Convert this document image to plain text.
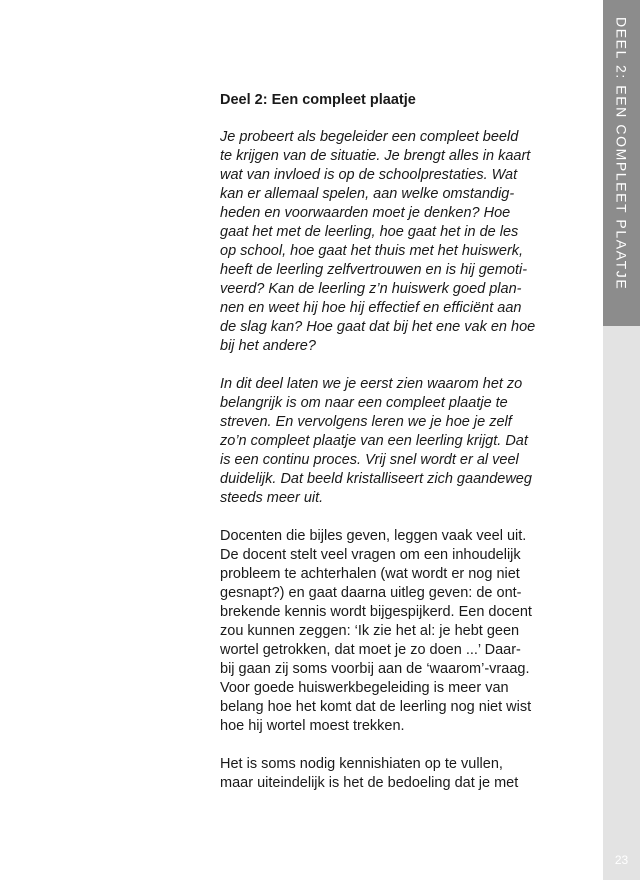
Deel 2: Een compleet plaatje
Je probeert als begeleider een compleet beeld
te krijgen van de situatie. Je brengt alles in kaart
wat van invloed is op de schoolprestaties. Wat
kan er allemaal spelen, aan welke omstandig-
heden en voorwaarden moet je denken? Hoe
gaat het met de leerling, hoe gaat het in de les
op school, hoe gaat het thuis met het huiswerk,
heeft de leerling zelfvertrouwen en is hij gemoti-
veerd? Kan de leerling z’n huiswerk goed plan-
nen en weet hij hoe hij effectief en efficiënt aan
de slag kan? Hoe gaat dat bij het ene vak en hoe
bij het andere?
In dit deel laten we je eerst zien waarom het zo
belangrijk is om naar een compleet plaatje te
streven. En vervolgens leren we je hoe je zelf
zo’n compleet plaatje van een leerling krijgt. Dat
is een continu proces. Vrij snel wordt er al veel
duidelijk. Dat beeld kristalliseert zich gaandeweg
steeds meer uit.
Docenten die bijles geven, leggen vaak veel uit.
De docent stelt veel vragen om een inhoudelijk
probleem te achterhalen (wat wordt er nog niet
gesnapt?) en gaat daarna uitleg geven: de ont-
brekende kennis wordt bijgespijkerd. Een docent
zou kunnen zeggen: ‘Ik zie het al: je hebt geen
wortel getrokken, dat moet je zo doen ...’ Daar-
bij gaan zij soms voorbij aan de ‘waarom’-vraag.
Voor goede huiswerkbegeleiding is meer van
belang hoe het komt dat de leerling nog niet wist
hoe hij wortel moest trekken.
Het is soms nodig kennishiaten op te vullen,
maar uiteindelijk is het de bedoeling dat je met
DEEL 2: EEN COMPLEET PLAATJE
23
